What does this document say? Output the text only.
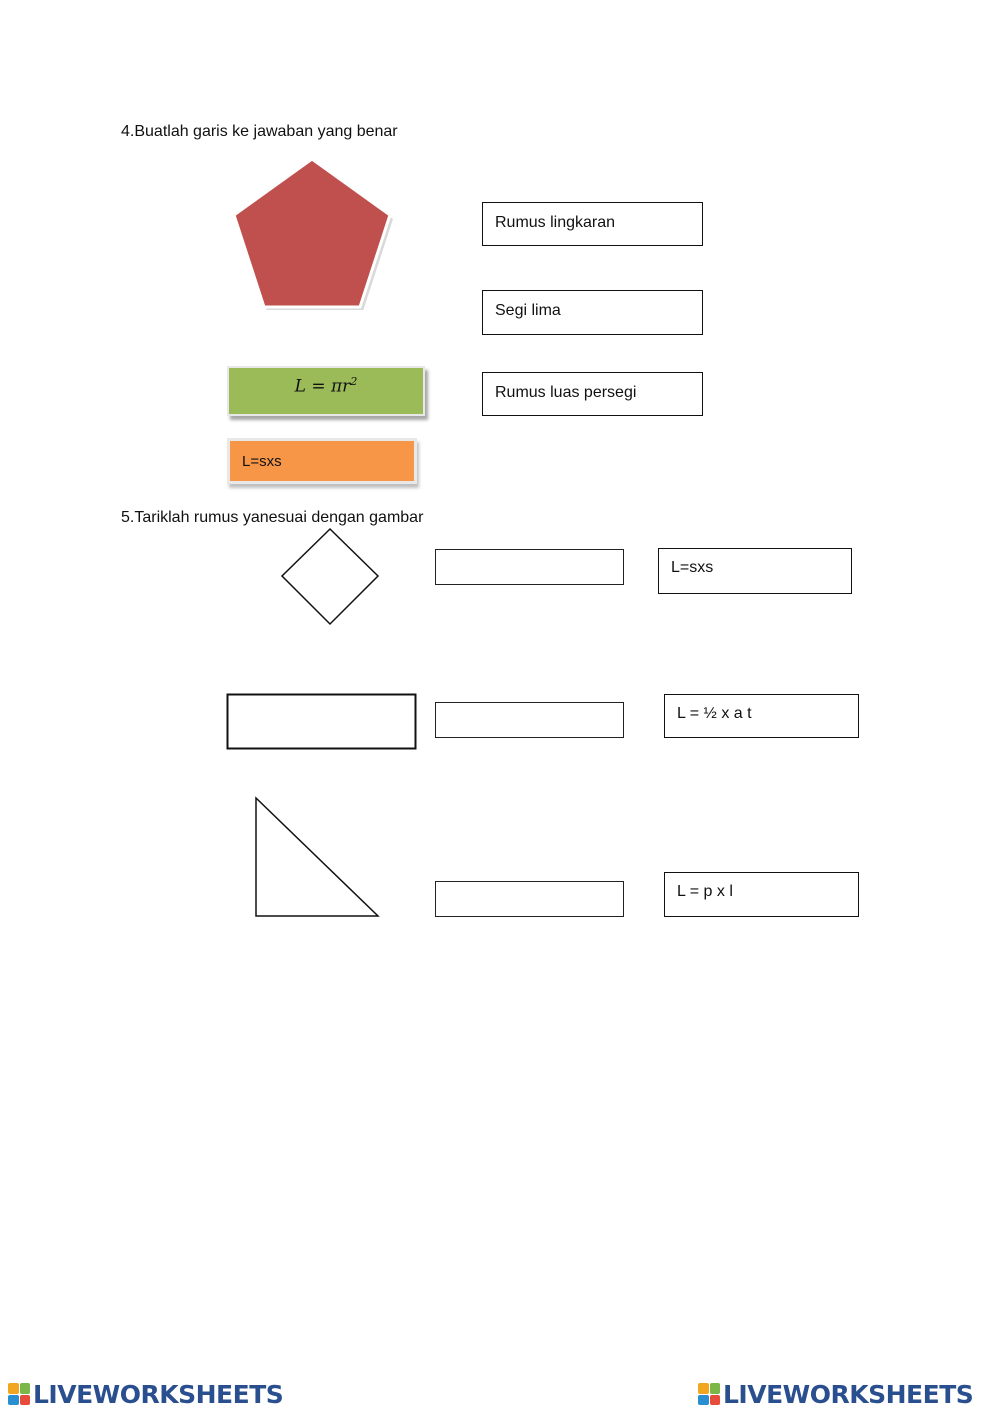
4.Buatlah garis ke jawaban yang benar
Rumus lingkaran
Segi lima
Rumus luas persegi
$L = \pi r^2$
L=sxs
5.Tariklah rumus yanesuai dengan gambar
L=sxs
L = ½ x a t
L = p x l
LIVEWORKSHEETS	LIVEWORKSHEETS
